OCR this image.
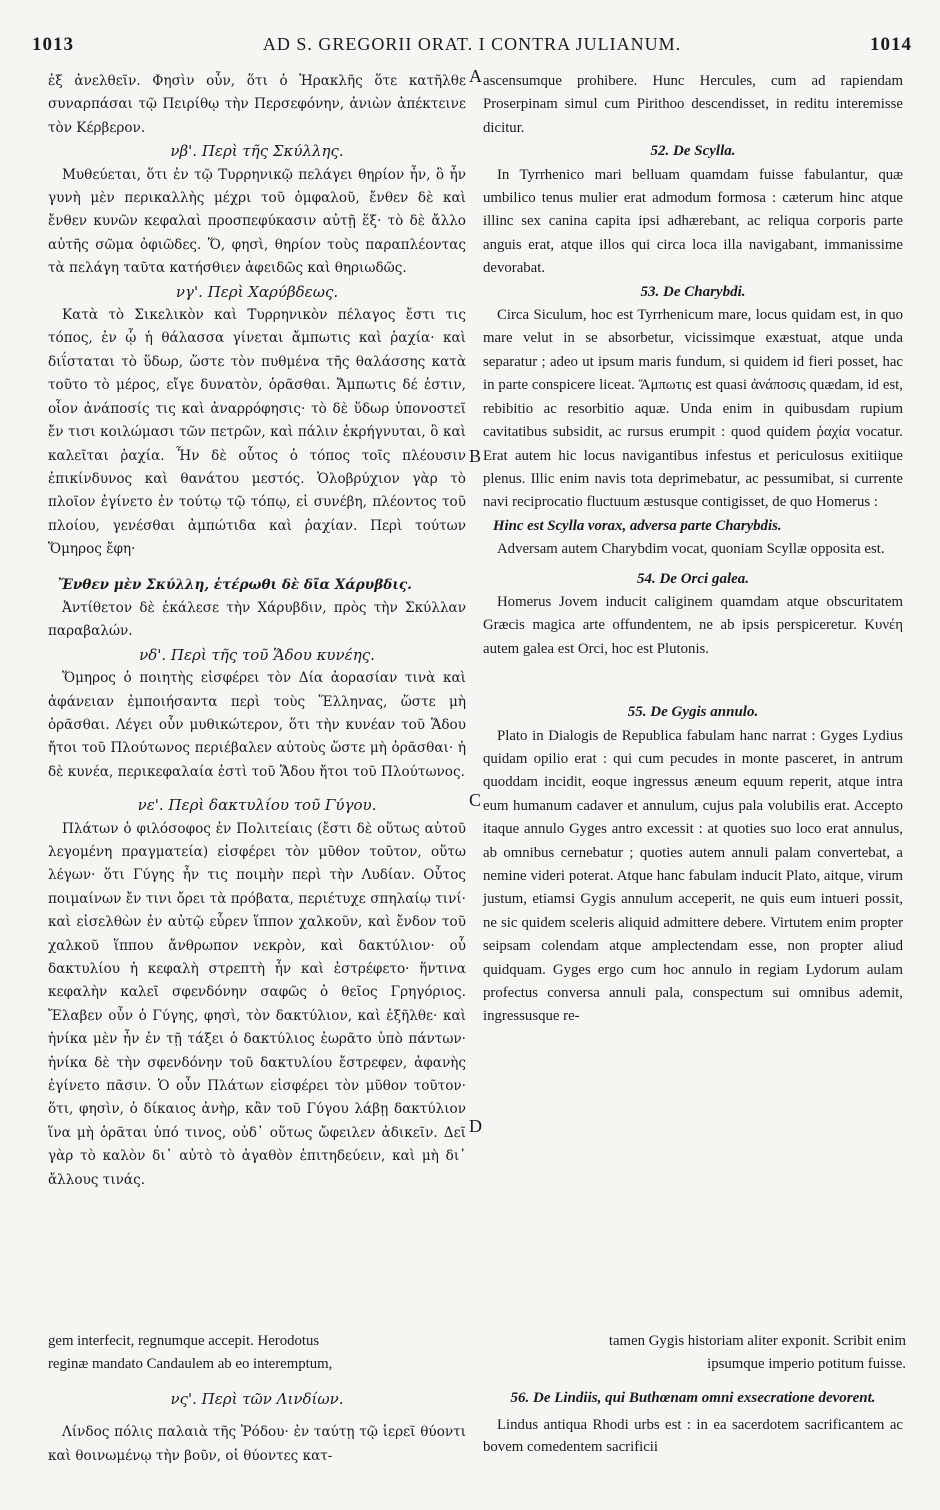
1013	AD S. GREGORII ORAT. I CONTRA JULIANUM.	1014

ἐξ ἀνελθεῖν. Φησὶν οὖν, ὅτι ὁ Ἡρακλῆς ὅτε κατῆλθε συναρπάσαι τῷ Πειρίθῳ τὴν Περσεφόνην, ἀνιὼν ἀπέκτεινε τὸν Κέρβερον.

νβ'. Περὶ τῆς Σκύλλης.

Μυθεύεται, ὅτι ἐν τῷ Τυρρηνικῷ πελάγει θηρίον ἦν, ὃ ἦν γυνὴ μὲν περικαλλὴς μέχρι τοῦ ὀμφαλοῦ, ἔνθεν δὲ καὶ ἔνθεν κυνῶν κεφαλαὶ προσπεφύκασιν αὐτῇ ἕξ· τὸ δὲ ἄλλο αὐτῆς σῶμα ὀφιῶδες. Ὅ, φησὶ, θηρίον τοὺς παραπλέοντας τὰ πελάγη ταῦτα κατήσθιεν ἀφειδῶς καὶ θηριωδῶς.

νγ'. Περὶ Χαρύβδεως.

Κατὰ τὸ Σικελικὸν καὶ Τυρρηνικὸν πέλαγος ἔστι τις τόπος, ἐν ᾧ ἡ θάλασσα γίνεται ἄμπωτις καὶ ῥαχία· καὶ διΐσταται τὸ ὕδωρ, ὥστε τὸν πυθμένα τῆς θαλάσσης κατὰ τοῦτο τὸ μέρος, εἴγε δυνατὸν, ὁρᾶσθαι. Ἄμπωτις δέ ἐστιν, οἷον ἀνάποσίς τις καὶ ἀναρρόφησις· τὸ δὲ ὕδωρ ὑπονοστεῖ ἔν τισι κοιλώμασι τῶν πετρῶν, καὶ πάλιν ἐκρήγνυται, ὃ καὶ καλεῖται ῥαχία. Ἦν δὲ οὗτος ὁ τόπος τοῖς πλέουσιν ἐπικίνδυνος καὶ θανάτου μεστός. Ὁλοβρύχιον γὰρ τὸ πλοῖον ἐγίνετο ἐν τούτῳ τῷ τόπῳ, εἰ συνέβη, πλέοντος τοῦ πλοίου, γενέσθαι ἀμπώτιδα καὶ ῥαχίαν. Περὶ τούτων Ὅμηρος ἔφη·

Ἔνθεν μὲν Σκύλλη, ἑτέρωθι δὲ δῖα Χάρυβδις.

Ἀντίθετον δὲ ἐκάλεσε τὴν Χάρυβδιν, πρὸς τὴν Σκύλλαν παραβαλών.

νδ'. Περὶ τῆς τοῦ Ἅδου κυνέης.

Ὅμηρος ὁ ποιητὴς εἰσφέρει τὸν Δία ἀορασίαν τινὰ καὶ ἀφάνειαν ἐμποιήσαντα περὶ τοὺς Ἕλληνας, ὥστε μὴ ὁρᾶσθαι. Λέγει οὖν μυθικώτερον, ὅτι τὴν κυνέαν τοῦ Ἅδου ἤτοι τοῦ Πλούτωνος περιέβαλεν αὐτοὺς ὥστε μὴ ὁρᾶσθαι· ἡ δὲ κυνέα, περικεφαλαία ἐστὶ τοῦ Ἅδου ἤτοι τοῦ Πλούτωνος.

νε'. Περὶ δακτυλίου τοῦ Γύγου.

Πλάτων ὁ φιλόσοφος ἐν Πολιτείαις (ἔστι δὲ οὕτως αὐτοῦ λεγομένη πραγματεία) εἰσφέρει τὸν μῦθον τοῦτον, οὕτω λέγων· ὅτι Γύγης ἦν τις ποιμὴν περὶ τὴν Λυδίαν. Οὗτος ποιμαίνων ἔν τινι ὄρει τὰ πρόβατα, περιέτυχε σπηλαίῳ τινί· καὶ εἰσελθὼν ἐν αὐτῷ εὗρεν ἵππον χαλκοῦν, καὶ ἔνδον τοῦ χαλκοῦ ἵππου ἄνθρωπον νεκρὸν, καὶ δακτύλιον· οὗ δακτυλίου ἡ κεφαλὴ στρεπτὴ ἦν καὶ ἐστρέφετο· ἥντινα κεφαλὴν καλεῖ σφενδόνην σαφῶς ὁ θεῖος Γρηγόριος. Ἔλαβεν οὖν ὁ Γύγης, φησὶ, τὸν δακτύλιον, καὶ ἐξῆλθε· καὶ ἡνίκα μὲν ἦν ἐν τῇ τάξει ὁ δακτύλιος ἑωρᾶτο ὑπὸ πάντων· ἡνίκα δὲ τὴν σφενδόνην τοῦ δακτυλίου ἔστρεφεν, ἀφανὴς ἐγίνετο πᾶσιν. Ὁ οὖν Πλάτων εἰσφέρει τὸν μῦθον τοῦτον· ὅτι, φησὶν, ὁ δίκαιος ἀνὴρ, κἂν τοῦ Γύγου λάβῃ δακτύλιον ἵνα μὴ ὁρᾶται ὑπό τινος, οὐδ᾽ οὕτως ὤφειλεν ἀδικεῖν. Δεῖ γὰρ τὸ καλὸν δι᾽ αὐτὸ τὸ ἀγαθὸν ἐπιτηδεύειν, καὶ μὴ δι᾽ ἄλλους τινάς.

ascensumque prohibere. Hunc Hercules, cum ad rapiendam Proserpinam simul cum Pirithoo descendisset, in reditu interemisse dicitur.

52. De Scylla.

In Tyrrhenico mari belluam quamdam fuisse fabulantur, quæ umbilico tenus mulier erat admodum formosa : cæterum hinc atque illinc sex canina capita ipsi adhærebant, ac reliqua corporis parte anguis erat, atque illos qui circa loca illa navigabant, immanissime devorabat.

53. De Charybdi.

Circa Siculum, hoc est Tyrrhenicum mare, locus quidam est, in quo mare velut in se absorbetur, vicissimque exæstuat, atque unda separatur ; adeo ut ipsum maris fundum, si quidem id fieri posset, hac in parte conspicere liceat. Ἄμπωτις est quasi ἀνάποσις quædam, id est, rebibitio ac resorbitio aquæ. Unda enim in quibusdam rupium cavitatibus subsidit, ac rursus erumpit : quod quidem ῥαχία vocatur. Erat autem hic locus navigantibus infestus et periculosus exitiique plenus. Illic enim navis tota deprimebatur, ac pessumibat, si currente navi reciprocatio fluctuum æstusque contigisset, de quo Homerus :

Hinc est Scylla vorax, adversa parte Charybdis.

Adversam autem Charybdim vocat, quoniam Scyllæ opposita est.

54. De Orci galea.

Homerus Jovem inducit caliginem quamdam atque obscuritatem Græcis magica arte offundentem, ne ab ipsis perspiceretur. Κυνέη autem galea est Orci, hoc est Plutonis.

55. De Gygis annulo.

Plato in Dialogis de Republica fabulam hanc narrat : Gyges Lydius quidam opilio erat : qui cum pecudes in monte pasceret, in antrum quoddam incidit, eoque ingressus æneum equum reperit, atque intra eum humanum cadaver et annulum, cujus pala volubilis erat. Accepto itaque annulo Gyges antro excessit : at quoties suo loco erat annulus, ab omnibus cernebatur ; quoties autem annuli palam convertebat, a nemine videri poterat. Atque hanc fabulam inducit Plato, aitque, virum justum, etiamsi Gygis annulum acceperit, ne quis eum intueri possit, ne sic quidem sceleris aliquid admittere debere. Virtutem enim propter seipsam colendam atque amplectendam esse, non propter aliud quidquam. Gyges ergo cum hoc annulo in regiam Lydorum aulam profectus conversa annuli pala, conspectum sui omnibus ademit, ingressusque re-

A
B
C
D
gem interfecit, regnumque accepit. Herodotus	tamen Gygis historiam aliter exponit. Scribit enim
reginæ mandato Candaulem ab eo interemptum,	ipsumque imperio potitum fuisse.

νς'. Περὶ τῶν Λινδίων.

Λίνδος πόλις παλαιὰ τῆς Ῥόδου· ἐν ταύτῃ τῷ ἱερεῖ θύοντι καὶ θοινωμένῳ τὴν βοῦν, οἱ θύοντες κατ-

56. De Lindiis, qui Buthœnam omni exsecratione devorent.

Lindus antiqua Rhodi urbs est : in ea sacerdotem sacrificantem ac bovem comedentem sacrificii
